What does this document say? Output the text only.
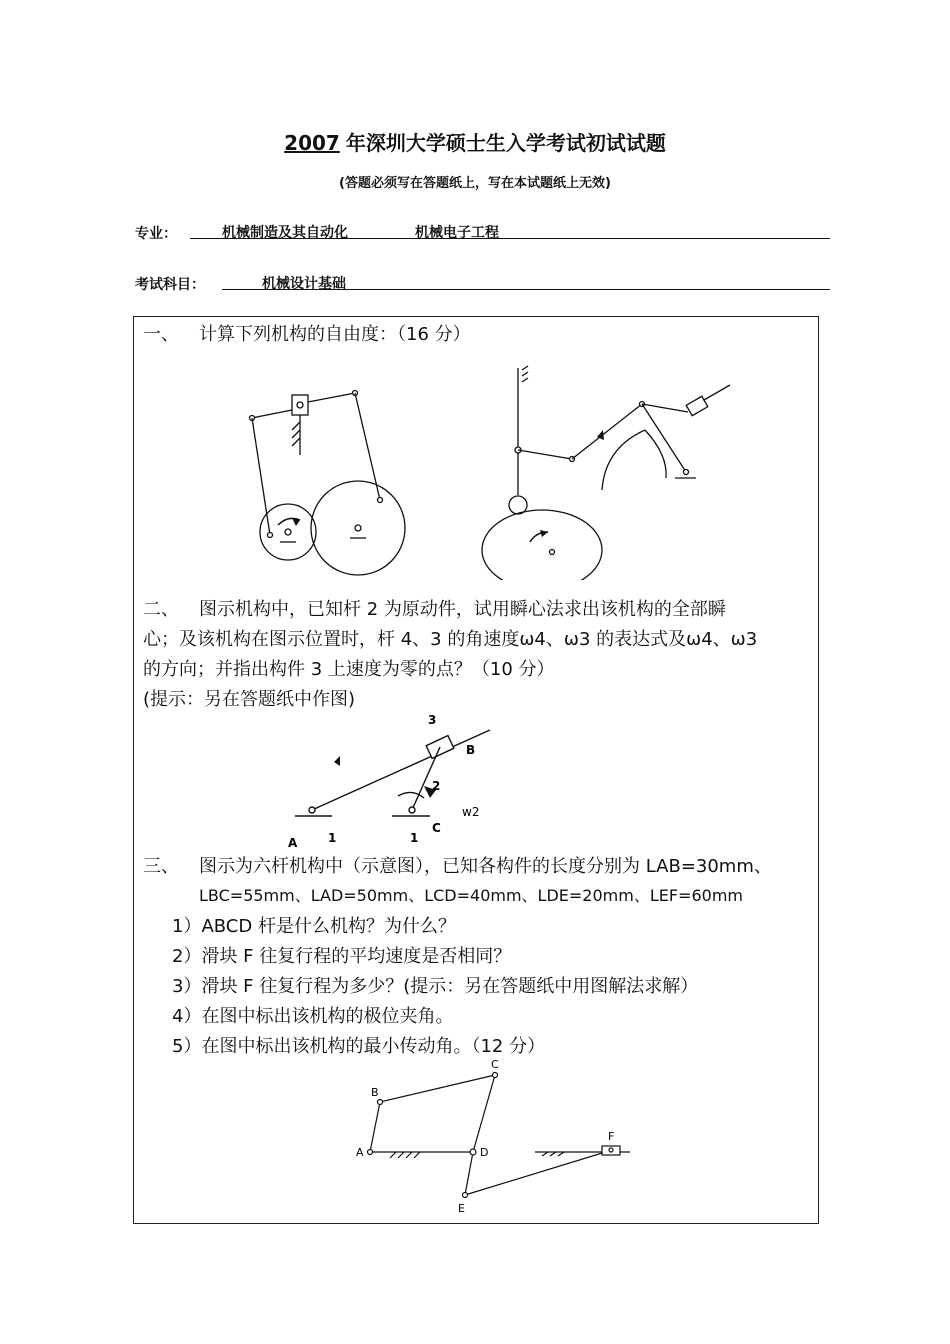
2007 年深圳大学硕士生入学考试初试试题
(答题必须写在答题纸上，写在本试题纸上无效)
专业：	机械制造及其自动化	机械电子工程
考试科目：	机械设计基础
一、 计算下列机构的自由度：（16 分）
二、 图示机构中，已知杆 2 为原动件，试用瞬心法求出该机构的全部瞬
心；及该机构在图示位置时，杆 4、3 的角速度ω4、ω3 的表达式及ω4、ω3
的方向；并指出构件 3 上速度为零的点？（10 分）
(提示：另在答题纸中作图)
3
B
2
w2
A	1	1
C
三、 图示为六杆机构中（示意图），已知各构件的长度分别为 LAB=30mm、
LBC=55mm、LAD=50mm、LCD=40mm、LDE=20mm、LEF=60mm
1）ABCD 杆是什么机构？为什么？
2）滑块 F 往复行程的平均速度是否相同？
3）滑块 F 往复行程为多少？(提示：另在答题纸中用图解法求解）
4）在图中标出该机构的极位夹角。
5）在图中标出该机构的最小传动角。（12 分）
A
B
C
D
E
F
